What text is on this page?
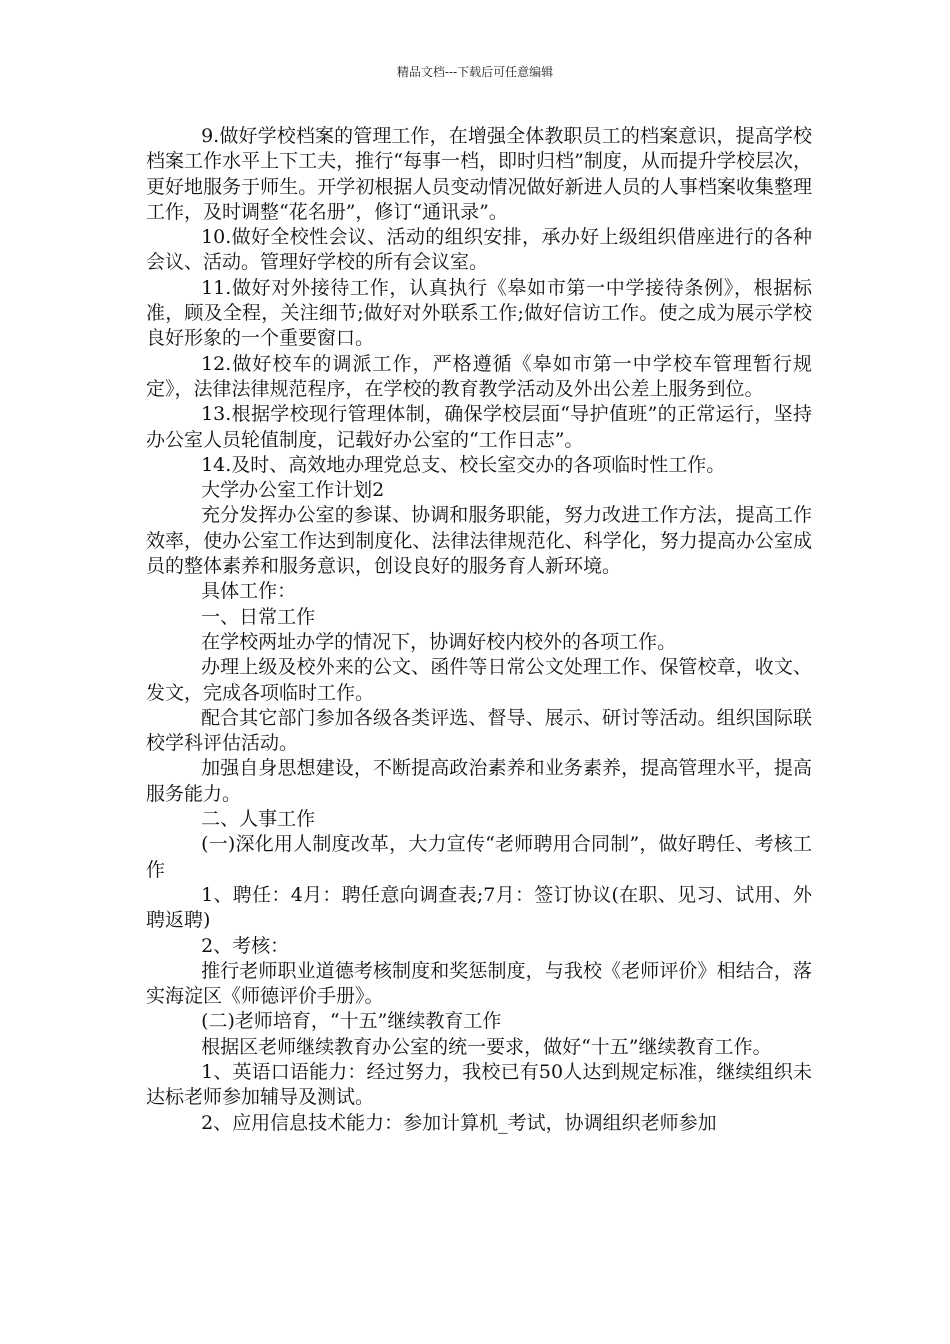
精品文档---下载后可任意编辑

9.做好学校档案的管理工作，在增强全体教职员工的档案意识，提高学校档案工作水平上下工夫，推行“每事一档，即时归档”制度，从而提升学校层次，更好地服务于师生。开学初根据人员变动情况做好新进人员的人事档案收集整理工作，及时调整“花名册”，修订“通讯录”。

10.做好全校性会议、活动的组织安排，承办好上级组织借座进行的各种会议、活动。管理好学校的所有会议室。

11.做好对外接待工作，认真执行《皋如市第一中学接待条例》，根据标准，顾及全程，关注细节;做好对外联系工作;做好信访工作。使之成为展示学校良好形象的一个重要窗口。

12.做好校车的调派工作，严格遵循《皋如市第一中学校车管理暂行规定》，法律法律规范程序，在学校的教育教学活动及外出公差上服务到位。

13.根据学校现行管理体制，确保学校层面“导护值班”的正常运行，坚持办公室人员轮值制度，记载好办公室的“工作日志”。

14.及时、高效地办理党总支、校长室交办的各项临时性工作。

大学办公室工作计划2

充分发挥办公室的参谋、协调和服务职能，努力改进工作方法，提高工作效率，使办公室工作达到制度化、法律法律规范化、科学化，努力提高办公室成员的整体素养和服务意识，创设良好的服务育人新环境。

具体工作：

一、日常工作

在学校两址办学的情况下，协调好校内校外的各项工作。

办理上级及校外来的公文、函件等日常公文处理工作、保管校章，收文、发文，完成各项临时工作。

配合其它部门参加各级各类评选、督导、展示、研讨等活动。组织国际联校学科评估活动。

加强自身思想建设，不断提高政治素养和业务素养，提高管理水平，提高服务能力。

二、人事工作

(一)深化用人制度改革，大力宣传“老师聘用合同制”，做好聘任、考核工作

1、聘任：4月：聘任意向调查表;7月：签订协议(在职、见习、试用、外聘返聘)

2、考核：

推行老师职业道德考核制度和奖惩制度，与我校《老师评价》相结合，落实海淀区《师德评价手册》。

(二)老师培育，“十五”继续教育工作

根据区老师继续教育办公室的统一要求，做好“十五”继续教育工作。

1、英语口语能力：经过努力，我校已有50人达到规定标准，继续组织未达标老师参加辅导及测试。

2、应用信息技术能力：参加计算机_考试，协调组织老师参加
